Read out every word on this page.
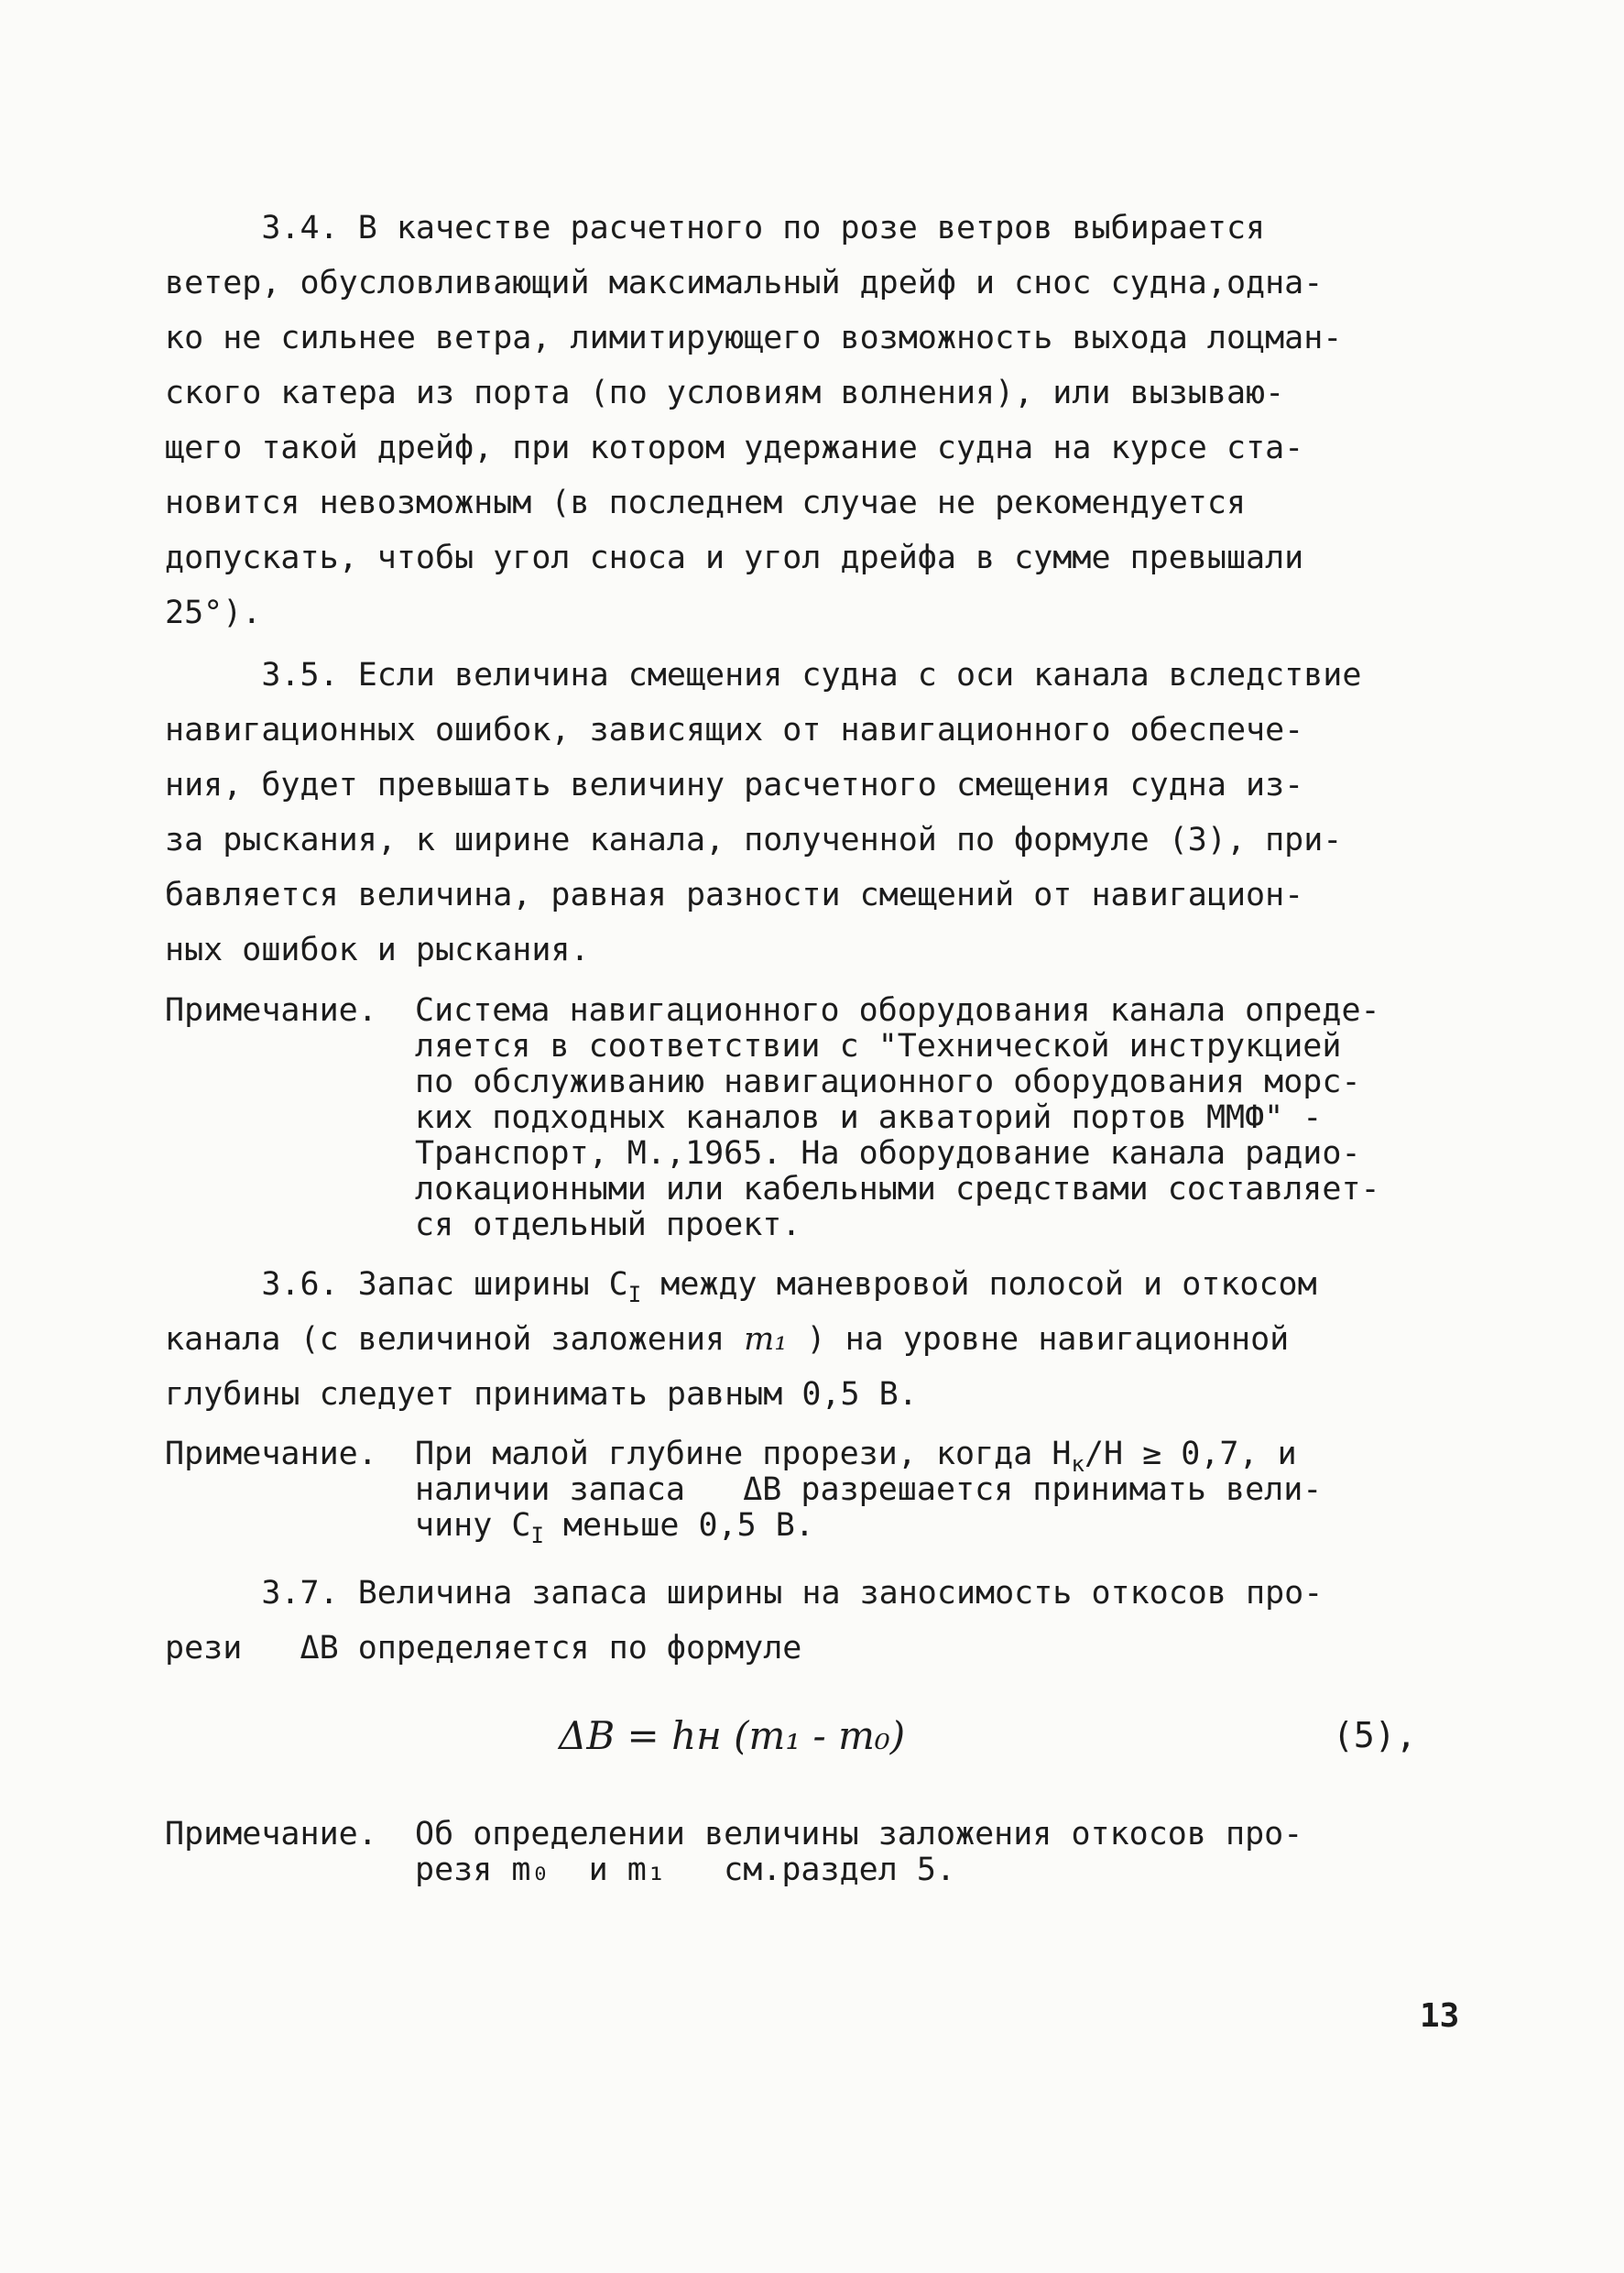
3.4. В качестве расчетного по розе ветров выбирается

ветер, обусловливающий максимальный дрейф и снос судна,одна-

ко не сильнее ветра, лимитирующего возможность выхода лоцман-

ского катера из порта (по условиям волнения), или вызываю-

щего такой дрейф, при котором удержание судна на курсе ста-

новится невозможным (в последнем случае не рекомендуется

допускать, чтобы угол сноса и угол дрейфа в сумме превышали

25°).

3.5. Если величина смещения судна с оси канала вследствие

навигационных ошибок, зависящих от навигационного обеспече-

ния, будет превышать величину расчетного смещения судна из-

за рыскания, к ширине канала, полученной по формуле (3), при-

бавляется величина, равная разности смещений от навигацион-

ных ошибок и рыскания.

Примечание. Система навигационного оборудования канала опреде-

ляется в соответствии с "Технической инструкцией

по обслуживанию навигационного оборудования морс-

ких подходных каналов и акваторий портов ММФ" -

Транспорт, М.,1965. На оборудование канала радио-

локационными или кабельными средствами составляет-

ся отдельный проект.

3.6. Запас ширины $C_I$ между маневровой полосой и откосом

канала (с величиной заложения m₁ ) на уровне навигационной

глубины следует принимать равным 0,5 В.

Примечание. При малой глубине прорези, когда $H_к/H \ge 0,7$, и

наличии запаса   ΔВ разрешается принимать вели-

чину $C_I$ меньше 0,5 В.

3.7. Величина запаса ширины на заносимость откосов про-

рези   ΔВ определяется по формуле

ΔB = hн (m₁ - m₀)	(5),

Примечание. Об определении величины заложения откосов про-

резя m₀  и m₁   см.раздел 5.

13
